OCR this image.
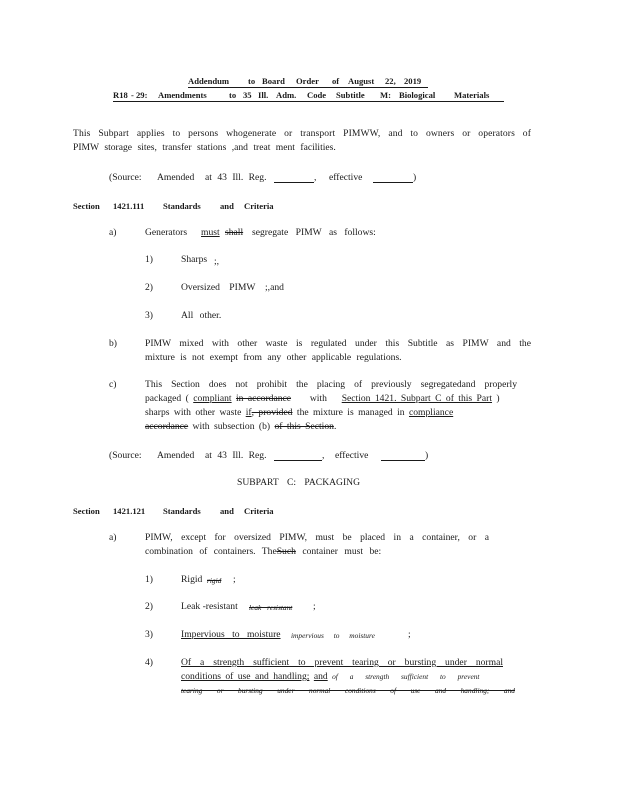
Addendum to Board Order of August 22, 2019
R18 - 29: Amendments	to 35 Ill. Adm. Code Subtitle M: Biological Materials
This Subpart applies to persons whogenerate or transport PIMWW, and to owners or operators of
PIMW storage sites, transfer stations ,and treat ment facilities.
(Source: Amended at 43 Ill. Reg.	, effective	)
Section 1421.111 Standards and Criteria
a)	Generators must shall segregate PIMW as follows:
1)	Sharps ;,
2)	Oversized PIMW ;,and
3)	All other.
b)	PIMW mixed with other waste is regulated under this Subtitle as PIMW and the
mixture is not exempt from any other applicable regulations.
c)	This Section does not prohibit the placing of previously segregatedand properly
packaged ( compliant in accordance with Section 1421. Subpart C of this Part )
sharps with other waste if, provided the mixture is managed in compliance
accordance with subsection (b) of this Section.
(Source: Amended at 43 Ill. Reg.	, effective	)
SUBPART C: PACKAGING
Section 1421.121 Standards and Criteria
a)	PIMW, except for oversized PIMW, must be placed in a container, or a
combination of containers. TheSuch container must be:
1)	Rigid rigid ;
2)	Leak -resistant leak resistant ;
3)	Impervious to moisture impervious to moisture	;
4)	Of a strength sufficient to prevent tearing or bursting under normal
conditions of use and handling; and of a strength sufficient to prevent
tearing or bursting under normal conditions of use and handling; and
